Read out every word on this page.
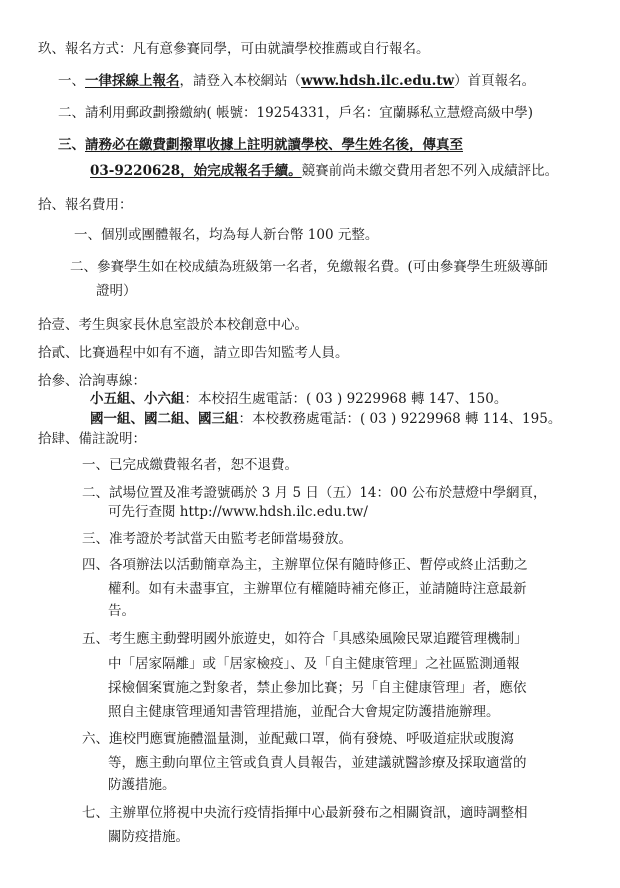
玖、報名方式：凡有意參賽同學，可由就讀學校推薦或自行報名。
一、一律採線上報名，請登入本校網站（www.hdsh.ilc.edu.tw）首頁報名。
二、請利用郵政劃撥繳納( 帳號：19254331，戶名：宜蘭縣私立慧燈高級中學)
三、請務必在繳費劃撥單收據上註明就讀學校、學生姓名後，傳真至
03-9220628，始完成報名手續。競賽前尚未繳交費用者恕不列入成績評比。
拾、報名費用：
一、個別或團體報名，均為每人新台幣 100 元整。
二、參賽學生如在校成績為班級第一名者，免繳報名費。(可由參賽學生班級導師
證明）
拾壹、考生與家長休息室設於本校創意中心。
拾貳、比賽過程中如有不適，請立即告知監考人員。
拾參、洽詢專線：
小五組、小六組：本校招生處電話：( 03 ) 9229968 轉 147、150。
國一組、國二組、國三組：本校教務處電話：( 03 ) 9229968 轉 114、195。
拾肆、備註說明：
一、已完成繳費報名者，恕不退費。
二、試場位置及准考證號碼於 3 月 5 日（五）14：00 公布於慧燈中學網頁，
可先行查閱 http://www.hdsh.ilc.edu.tw/
三、准考證於考試當天由監考老師當場發放。
四、各項辦法以活動簡章為主，主辦單位保有隨時修正、暫停或終止活動之
權利。如有未盡事宜，主辦單位有權隨時補充修正，並請隨時注意最新
告。
五、考生應主動聲明國外旅遊史，如符合「具感染風險民眾追蹤管理機制」
中「居家隔離」或「居家檢疫」、及「自主健康管理」之社區監測通報
採檢個案實施之對象者，禁止參加比賽；另「自主健康管理」者，應依
照自主健康管理通知書管理措施，並配合大會規定防護措施辦理。
六、進校門應實施體溫量測，並配戴口罩，倘有發燒、呼吸道症狀或腹瀉
等，應主動向單位主管或負責人員報告，並建議就醫診療及採取適當的
防護措施。
七、主辦單位將視中央流行疫情指揮中心最新發布之相關資訊，適時調整相
關防疫措施。
